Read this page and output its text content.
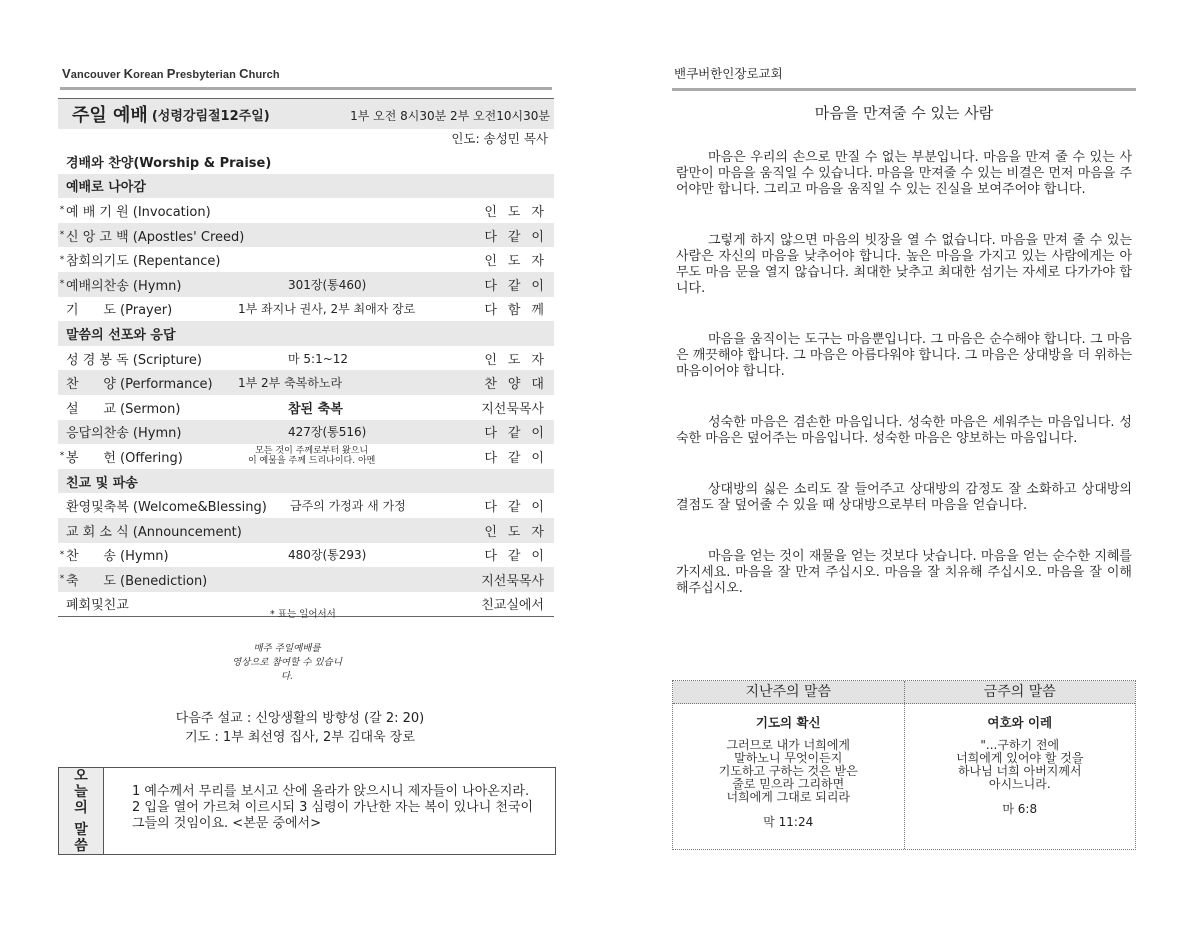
Vancouver Korean Presbyterian Church
주일 예배 (성령강림절12주일)	1부 오전 8시30분 2부 오전10시30분
인도: 송성민 목사
경배와 찬양(Worship & Praise)
예배로 나아감
* 예 배 기 원 (Invocation)	인도자
* 신 앙 고 백 (Apostles' Creed)	다같이
* 참회의기도 (Repentance)	인도자
* 예배의찬송 (Hymn)	301장(통460)	다같이
기      도 (Prayer)	1부 좌지나 권사, 2부 최애자 장로	다함께
말씀의 선포와 응답
성 경 봉 독 (Scripture)	마 5:1~12	인도자
찬      양 (Performance)	1부 2부 축복하노라	찬양대
설      교 (Sermon)	참된 축복	지선묵목사
응답의찬송 (Hymn)	427장(통516)	다같이
* 봉      헌 (Offering)	모든 것이 주께로부터 왔으니
이 예물을 주께 드리나이다. 아멘	다같이
친교 및 파송
환영및축복 (Welcome&Blessing)	금주의 가정과 새 가정	다같이
교 회 소 식 (Announcement)	인도자
* 찬      송 (Hymn)	480장(통293)	다같이
* 축      도 (Benediction)	지선묵목사
폐회및친교	친교실에서
* 표는 일어서서
매주 주일예배를
영상으로 참여할 수 있습니다.
다음주 설교 : 신앙생활의 방향성 (갈 2: 20)
기도 : 1부 최선영 집사, 2부 김대욱 장로
오
늘
의
말
씀
1 예수께서 무리를 보시고 산에 올라가 앉으시니 제자들이 나아온지라. 2 입을 열어 가르쳐 이르시되 3 심령이 가난한 자는 복이 있나니 천국이 그들의 것임이요. <본문 중에서>
밴쿠버한인장로교회
마음을 만져줄 수 있는 사람

마음은 우리의 손으로 만질 수 없는 부분입니다. 마음을 만져 줄 수 있는 사람만이 마음을 움직일 수 있습니다. 마음을 만져줄 수 있는 비결은 먼저 마음을 주어야만 합니다. 그리고 마음을 움직일 수 있는 진실을 보여주어야 합니다.

그렇게 하지 않으면 마음의 빗장을 열 수 없습니다. 마음을 만져 줄 수 있는 사람은 자신의 마음을 낮추어야 합니다. 높은 마음을 가지고 있는 사람에게는 아무도 마음 문을 열지 않습니다. 최대한 낮추고 최대한 섬기는 자세로 다가가야 합니다.

마음을 움직이는 도구는 마음뿐입니다. 그 마음은 순수해야 합니다. 그 마음은 깨끗해야 합니다. 그 마음은 아름다워야 합니다. 그 마음은 상대방을 더 위하는 마음이어야 합니다.

성숙한 마음은 겸손한 마음입니다. 성숙한 마음은 세워주는 마음입니다. 성숙한 마음은 덮어주는 마음입니다. 성숙한 마음은 양보하는 마음입니다.

상대방의 싫은 소리도 잘 들어주고 상대방의 감정도 잘 소화하고 상대방의 결점도 잘 덮어줄 수 있을 때 상대방으로부터 마음을 얻습니다.

마음을 얻는 것이 재물을 얻는 것보다 낫습니다. 마음을 얻는 순수한 지혜를 가지세요. 마음을 잘 만져 주십시오. 마음을 잘 치유해 주십시오. 마음을 잘 이해 해주십시오.

지난주의 말씀	금주의 말씀
기도의 확신
그러므로 내가 너희에게
말하노니 무엇이든지
기도하고 구하는 것은 받은
줄로 믿으라 그리하면
너희에게 그대로 되리라
막 11:24
여호와 이레
"...구하기 전에
너희에게 있어야 할 것을
하나님 너희 아버지께서
아시느니라.
마 6:8
